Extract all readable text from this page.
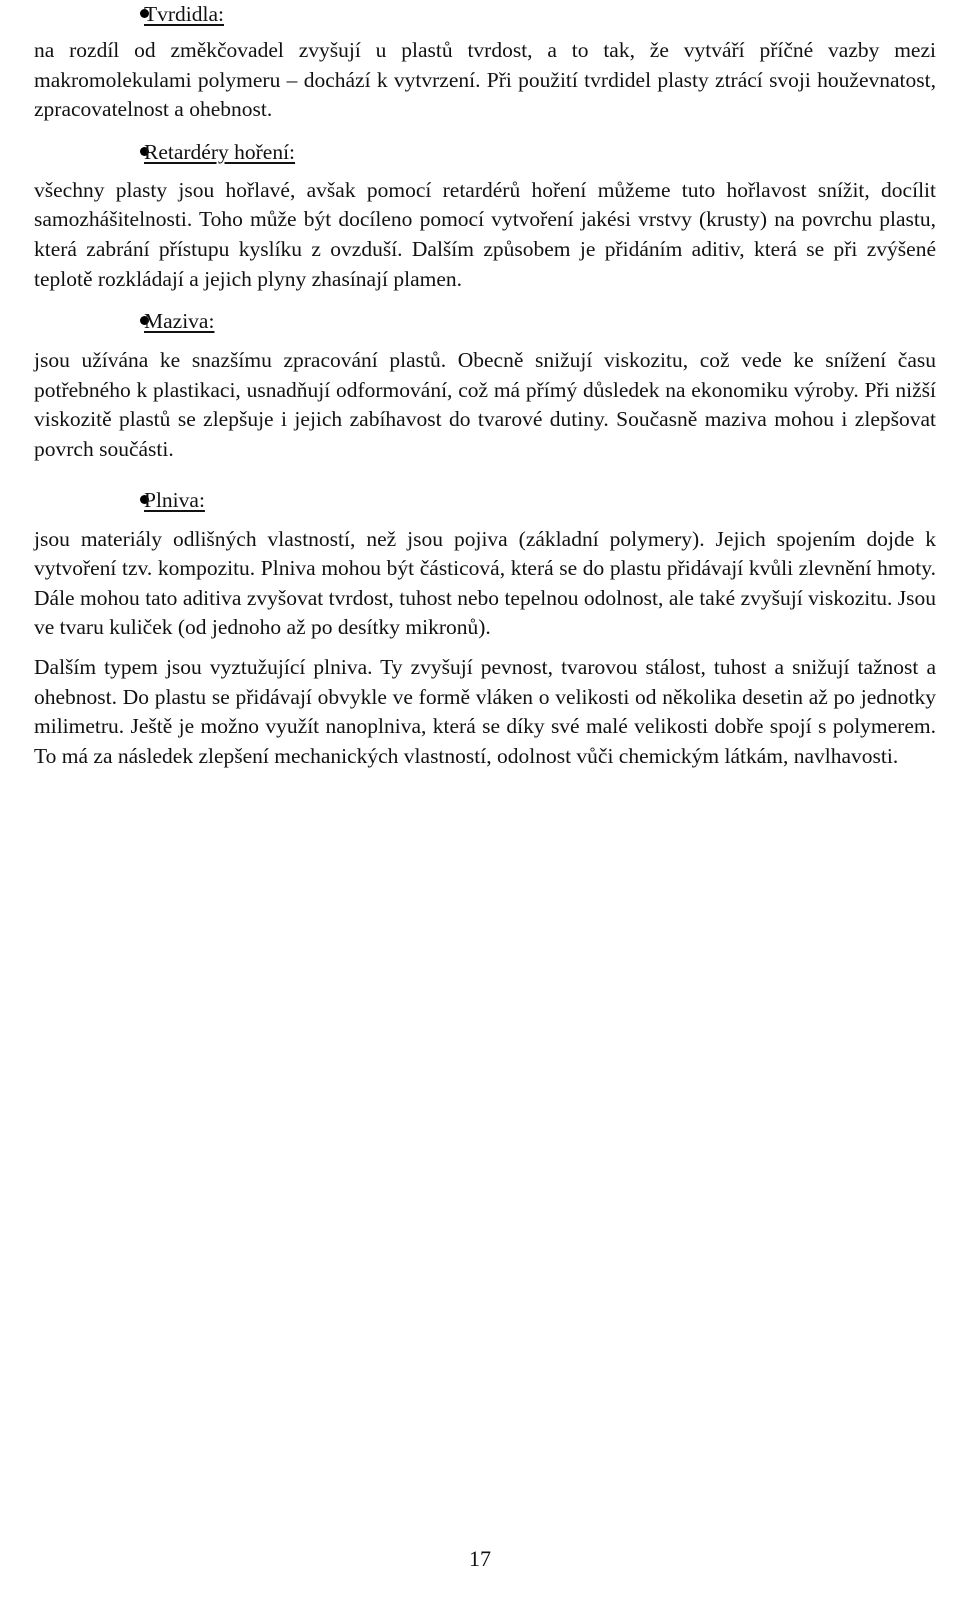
Tvrdidla:

na rozdíl od změkčovadel zvyšují u plastů tvrdost, a to tak, že vytváří příčné vazby mezi makromolekulami polymeru – dochází k vytvrzení. Při použití tvrdidel plasty ztrácí svoji houževnatost, zpracovatelnost a ohebnost.

Retardéry hoření:

všechny plasty jsou hořlavé, avšak pomocí retardérů hoření můžeme tuto hořlavost snížit, docílit samozhášitelnosti. Toho může být docíleno pomocí vytvoření jakési vrstvy (krusty) na povrchu plastu, která zabrání přístupu kyslíku z ovzduší. Dalším způsobem je přidáním aditiv, která se při zvýšené teplotě rozkládají a jejich plyny zhasínají plamen.

Maziva:

jsou užívána ke snazšímu zpracování plastů. Obecně snižují viskozitu, což vede ke snížení času potřebného k plastikaci, usnadňují odformování, což má přímý důsledek na ekonomiku výroby. Při nižší viskozitě plastů se zlepšuje i jejich zabíhavost do tvarové dutiny. Současně maziva mohou i zlepšovat povrch součásti.

Plniva:

jsou materiály odlišných vlastností, než jsou pojiva (základní polymery). Jejich spojením dojde k vytvoření tzv. kompozitu. Plniva mohou být částicová, která se do plastu přidávají kvůli zlevnění hmoty. Dále mohou tato aditiva zvyšovat tvrdost, tuhost nebo tepelnou odolnost, ale také zvyšují viskozitu. Jsou ve tvaru kuliček (od jednoho až po desítky mikronů).

Dalším typem jsou vyztužující plniva. Ty zvyšují pevnost, tvarovou stálost, tuhost a snižují tažnost a ohebnost. Do plastu se přidávají obvykle ve formě vláken o velikosti od několika desetin až po jednotky milimetru. Ještě je možno využít nanoplniva, která se díky své malé velikosti dobře spojí s polymerem. To má za následek zlepšení mechanických vlastností, odolnost vůči chemickým látkám, navlhavosti.

17
